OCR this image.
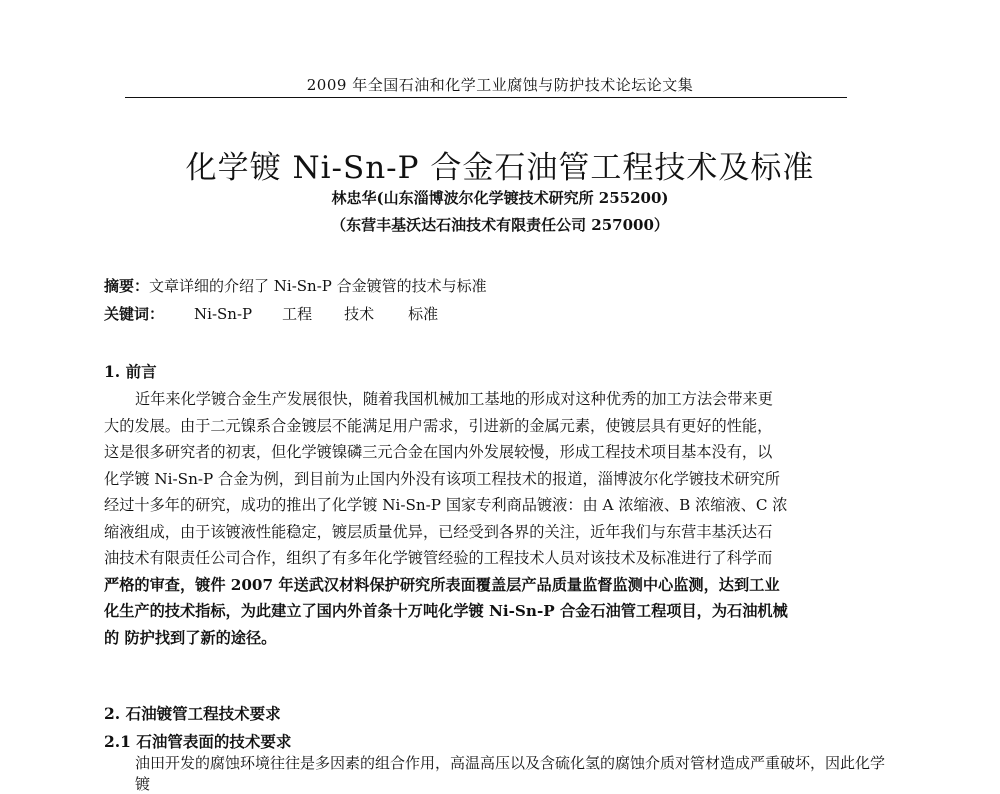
2009 年全国石油和化学工业腐蚀与防护技术论坛论文集
化学镀 Ni-Sn-P 合金石油管工程技术及标准
林忠华(山东淄博波尔化学镀技术研究所 255200)
（东营丰基沃达石油技术有限责任公司 257000）
摘要：文章详细的介绍了 Ni-Sn-P 合金镀管的技术与标准
关键词： Ni-Sn-P 工程 技术 标准
1. 前言
近年来化学镀合金生产发展很快，随着我国机械加工基地的形成对这种优秀的加工方法会带来更
大的发展。由于二元镍系合金镀层不能满足用户需求，引进新的金属元素，使镀层具有更好的性能，
这是很多研究者的初衷，但化学镀镍磷三元合金在国内外发展较慢，形成工程技术项目基本没有，以
化学镀 Ni-Sn-P 合金为例，到目前为止国内外没有该项工程技术的报道，淄博波尔化学镀技术研究所
经过十多年的研究，成功的推出了化学镀 Ni-Sn-P 国家专利商品镀液：由 A 浓缩液、B 浓缩液、C 浓
缩液组成，由于该镀液性能稳定，镀层质量优异，已经受到各界的关注，近年我们与东营丰基沃达石
油技术有限责任公司合作，组织了有多年化学镀管经验的工程技术人员对该技术及标准进行了科学而
严格的审查，镀件 2007 年送武汉材料保护研究所表面覆盖层产品质量监督监测中心监测，达到工业
化生产的技术指标，为此建立了国内外首条十万吨化学镀 Ni-Sn-P 合金石油管工程项目，为石油机械
的 防护找到了新的途径。
2. 石油镀管工程技术要求
2.1 石油管表面的技术要求
油田开发的腐蚀环境往往是多因素的组合作用，高温高压以及含硫化氢的腐蚀介质对管材造成严重破坏，因此化学镀
